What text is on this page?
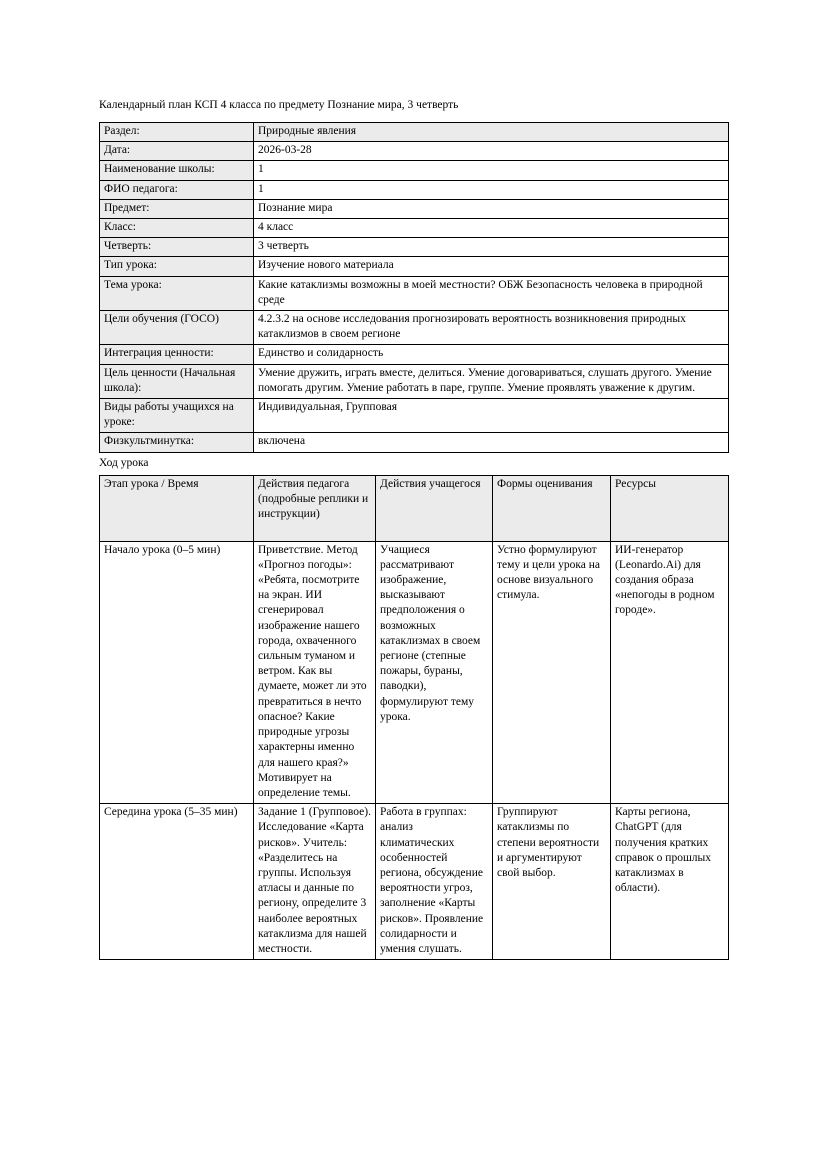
Календарный план КСП 4 класса по предмету Познание мира, 3 четверть

Раздел:	Природные явления
Дата:	2026-03-28
Наименование школы:	1
ФИО педагога:	1
Предмет:	Познание мира
Класс:	4 класс
Четверть:	3 четверть
Тип урока:	Изучение нового материала
Тема урока:	Какие катаклизмы возможны в моей местности? ОБЖ Безопасность человека в природной среде
Цели обучения (ГОСО)	4.2.3.2 на основе исследования прогнозировать вероятность возникновения природных катаклизмов в своем регионе
Интеграция ценности:	Единство и солидарность
Цель ценности (Начальная школа):	Умение дружить, играть вместе, делиться. Умение договариваться, слушать другого. Умение помогать другим. Умение работать в паре, группе. Умение проявлять уважение к другим.
Виды работы учащихся на уроке:	Индивидуальная, Групповая
Физкультминутка:	включена

Ход урока

Этап урока / Время	Действия педагога (подробные реплики и инструкции)	Действия учащегося	Формы оценивания	Ресурсы
Начало урока (0–5 мин)	Приветствие. Метод «Прогноз погоды»: «Ребята, посмотрите на экран. ИИ сгенерировал изображение нашего города, охваченного сильным туманом и ветром. Как вы думаете, может ли это превратиться в нечто опасное? Какие природные угрозы характерны именно для нашего края?» Мотивирует на определение темы.	Учащиеся рассматривают изображение, высказывают предположения о возможных катаклизмах в своем регионе (степные пожары, бураны, паводки), формулируют тему урока.	Устно формулируют тему и цели урока на основе визуального стимула.	ИИ-генератор (Leonardo.Ai) для создания образа «непогоды в родном городе».
Середина урока (5–35 мин)	Задание 1 (Групповое). Исследование «Карта рисков». Учитель: «Разделитесь на группы. Используя атласы и данные по региону, определите 3 наиболее вероятных катаклизма для нашей местности.	Работа в группах: анализ климатических особенностей региона, обсуждение вероятности угроз, заполнение «Карты рисков». Проявление солидарности и умения слушать.	Группируют катаклизмы по степени вероятности и аргументируют свой выбор.	Карты региона, ChatGPT (для получения кратких справок о прошлых катаклизмах в области).
